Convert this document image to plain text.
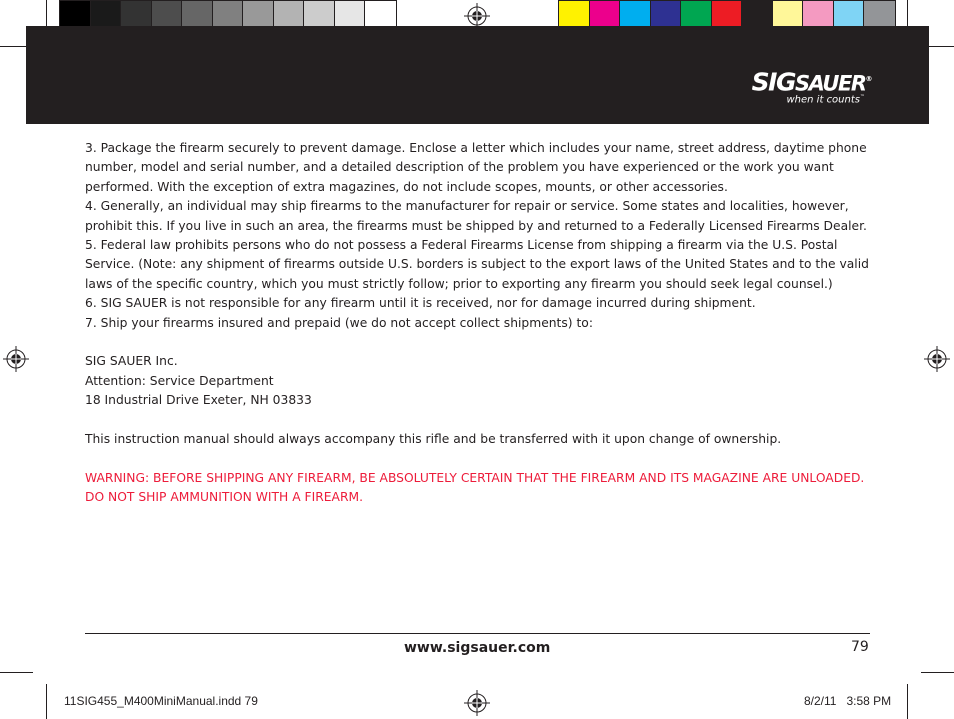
SIGSAUER®
when it counts™

3. Package the firearm securely to prevent damage. Enclose a letter which includes your name, street address, daytime phone number, model and serial number, and a detailed description of the problem you have experienced or the work you want performed. With the exception of extra magazines, do not include scopes, mounts, or other accessories.

4. Generally, an individual may ship firearms to the manufacturer for repair or service. Some states and localities, however, prohibit this. If you live in such an area, the firearms must be shipped by and returned to a Federally Licensed Firearms Dealer.

5. Federal law prohibits persons who do not possess a Federal Firearms License from shipping a firearm via the U.S. Postal Service. (Note: any shipment of firearms outside U.S. borders is subject to the export laws of the United States and to the valid laws of the specific country, which you must strictly follow; prior to exporting any firearm you should seek legal counsel.)

6. SIG SAUER is not responsible for any firearm until it is received, nor for damage incurred during shipment.

7. Ship your firearms insured and prepaid (we do not accept collect shipments) to:

SIG SAUER Inc.

Attention: Service Department

18 Industrial Drive Exeter, NH 03833

This instruction manual should always accompany this rifle and be transferred with it upon change of ownership.

WARNING: BEFORE SHIPPING ANY FIREARM, BE ABSOLUTELY CERTAIN THAT THE FIREARM AND ITS MAGAZINE ARE UNLOADED. DO NOT SHIP AMMUNITION WITH A FIREARM.

www.sigsauer.com	79
11SIG455_M400MiniManual.indd 79	8/2/11   3:58 PM
